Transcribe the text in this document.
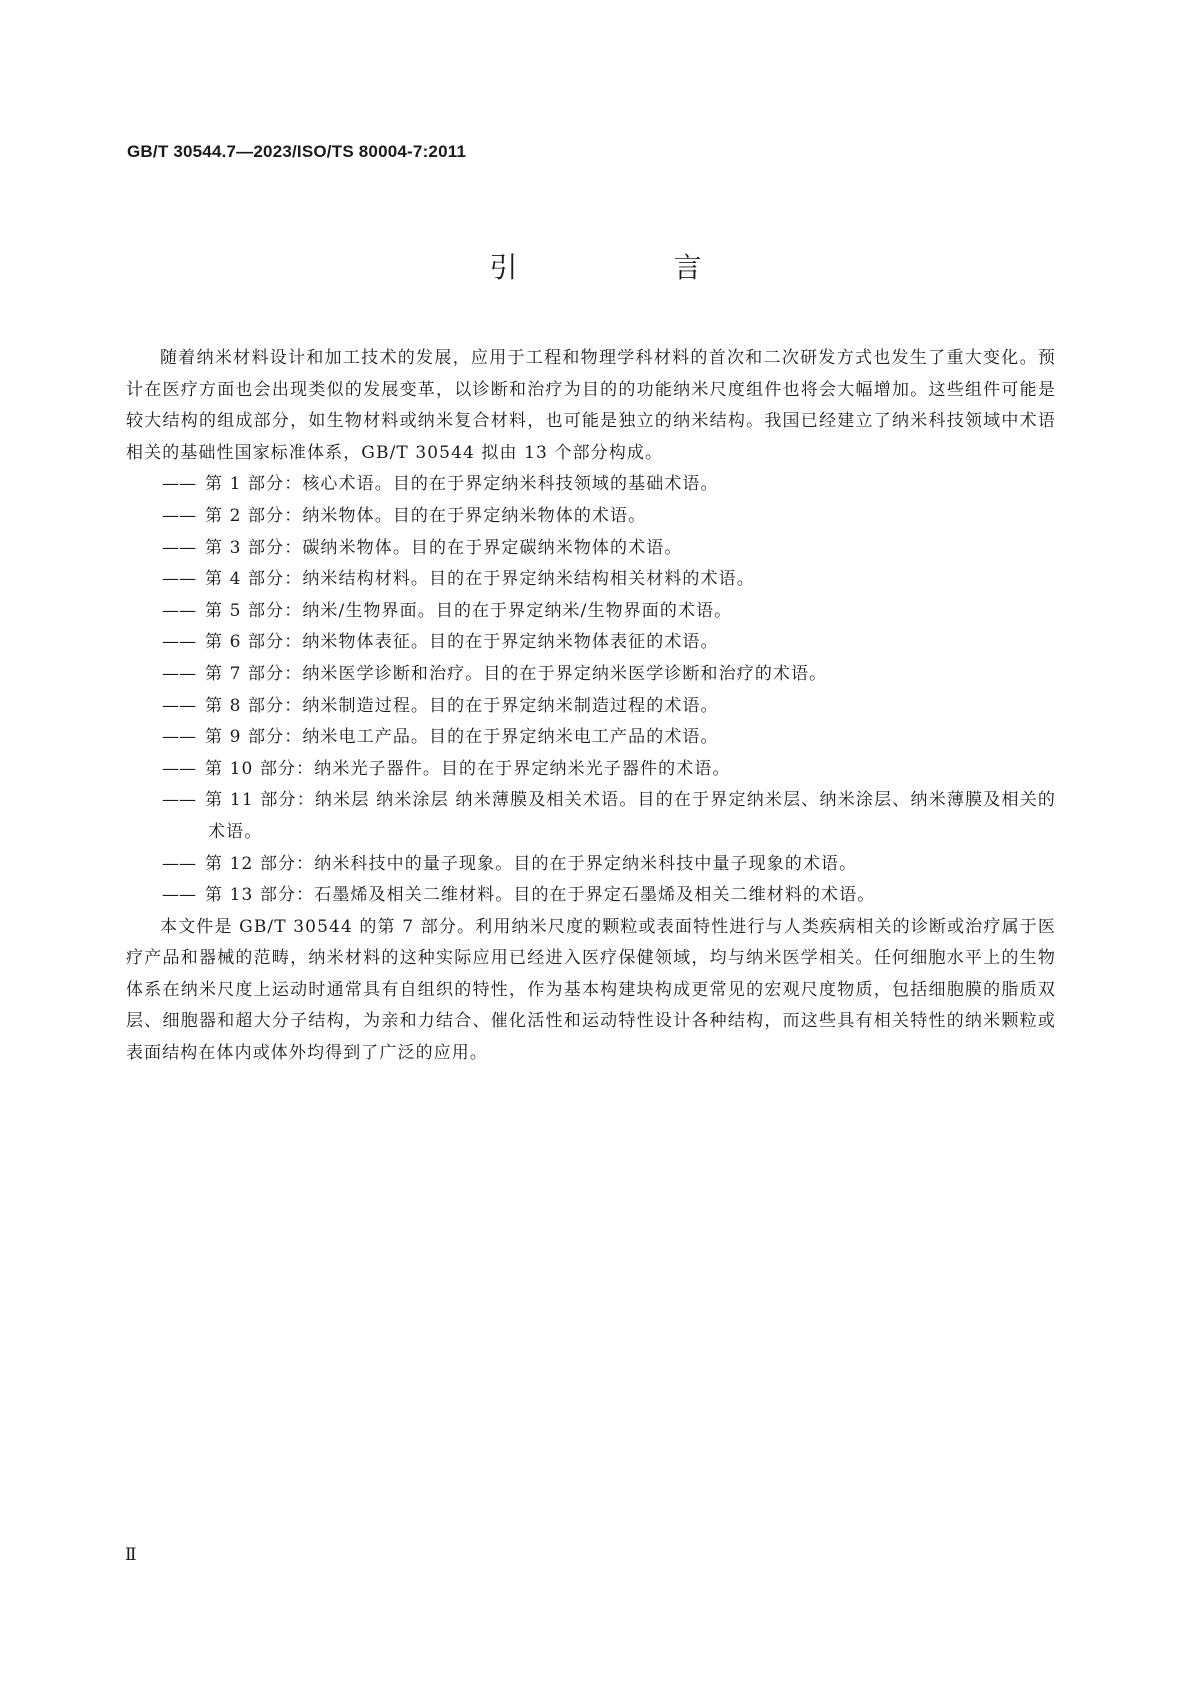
GB/T 30544.7—2023/ISO/TS 80004-7:2011
引　言

随着纳米材料设计和加工技术的发展，应用于工程和物理学科材料的首次和二次研发方式也发生了重大变化。预计在医疗方面也会出现类似的发展变革，以诊断和治疗为目的的功能纳米尺度组件也将会大幅增加。这些组件可能是较大结构的组成部分，如生物材料或纳米复合材料，也可能是独立的纳米结构。我国已经建立了纳米科技领域中术语相关的基础性国家标准体系，GB/T 30544 拟由 13 个部分构成。

—— 第 1 部分：核心术语。目的在于界定纳米科技领域的基础术语。
—— 第 2 部分：纳米物体。目的在于界定纳米物体的术语。
—— 第 3 部分：碳纳米物体。目的在于界定碳纳米物体的术语。
—— 第 4 部分：纳米结构材料。目的在于界定纳米结构相关材料的术语。
—— 第 5 部分：纳米/生物界面。目的在于界定纳米/生物界面的术语。
—— 第 6 部分：纳米物体表征。目的在于界定纳米物体表征的术语。
—— 第 7 部分：纳米医学诊断和治疗。目的在于界定纳米医学诊断和治疗的术语。
—— 第 8 部分：纳米制造过程。目的在于界定纳米制造过程的术语。
—— 第 9 部分：纳米电工产品。目的在于界定纳米电工产品的术语。
—— 第 10 部分：纳米光子器件。目的在于界定纳米光子器件的术语。
—— 第 11 部分：纳米层 纳米涂层 纳米薄膜及相关术语。目的在于界定纳米层、纳米涂层、纳米薄膜及相关的术语。
—— 第 12 部分：纳米科技中的量子现象。目的在于界定纳米科技中量子现象的术语。
—— 第 13 部分：石墨烯及相关二维材料。目的在于界定石墨烯及相关二维材料的术语。

本文件是 GB/T 30544 的第 7 部分。利用纳米尺度的颗粒或表面特性进行与人类疾病相关的诊断或治疗属于医疗产品和器械的范畴，纳米材料的这种实际应用已经进入医疗保健领域，均与纳米医学相关。任何细胞水平上的生物体系在纳米尺度上运动时通常具有自组织的特性，作为基本构建块构成更常见的宏观尺度物质，包括细胞膜的脂质双层、细胞器和超大分子结构，为亲和力结合、催化活性和运动特性设计各种结构，而这些具有相关特性的纳米颗粒或表面结构在体内或体外均得到了广泛的应用。

Ⅱ
